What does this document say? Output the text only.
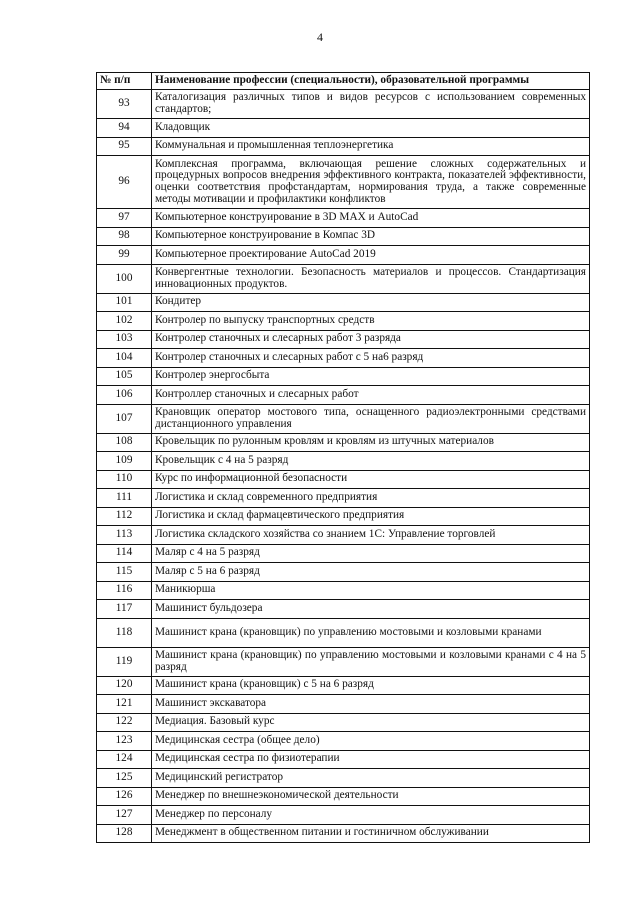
4
№ п/п	Наименование профессии (специальности), образовательной программы
93	Каталогизация различных типов и видов ресурсов с использованием современных стандартов;
94	Кладовщик
95	Коммунальная и промышленная теплоэнергетика
96	Комплексная программа, включающая решение сложных содержательных и процедурных вопросов внедрения эффективного контракта, показателей эффективности, оценки соответствия профстандартам, нормирования труда, а также современные методы мотивации и профилактики конфликтов
97	Компьютерное конструирование в 3D MAX и AutoCad
98	Компьютерное конструирование в Компас 3D
99	Компьютерное проектирование AutoCad 2019
100	Конвергентные технологии. Безопасность материалов и процессов. Стандартизация инновационных продуктов.
101	Кондитер
102	Контролер по выпуску транспортных средств
103	Контролер станочных и слесарных работ 3 разряда
104	Контролер станочных и слесарных работ с 5 на6 разряд
105	Контролер энергосбыта
106	Контроллер станочных и слесарных работ
107	Крановщик оператор мостового типа, оснащенного радиоэлектронными средствами дистанционного управления
108	Кровельщик по рулонным кровлям и кровлям из штучных материалов
109	Кровельщик с 4 на 5 разряд
110	Курс по информационной безопасности
111	Логистика и склад современного предприятия
112	Логистика и склад фармацевтического предприятия
113	Логистика складского хозяйства со знанием 1С: Управление торговлей
114	Маляр с 4 на 5 разряд
115	Маляр с 5 на 6 разряд
116	Маникюрша
117	Машинист бульдозера
118	Машинист крана (крановщик) по управлению мостовыми и козловыми кранами
119	Машинист крана (крановщик) по управлению мостовыми и козловыми кранами с 4 на 5 разряд
120	Машинист крана (крановщик) с 5 на 6 разряд
121	Машинист экскаватора
122	Медиация. Базовый курс
123	Медицинская сестра (общее дело)
124	Медицинская сестра по физиотерапии
125	Медицинский регистратор
126	Менеджер по внешнеэкономической деятельности
127	Менеджер по персоналу
128	Менеджмент в общественном питании и гостиничном обслуживании
